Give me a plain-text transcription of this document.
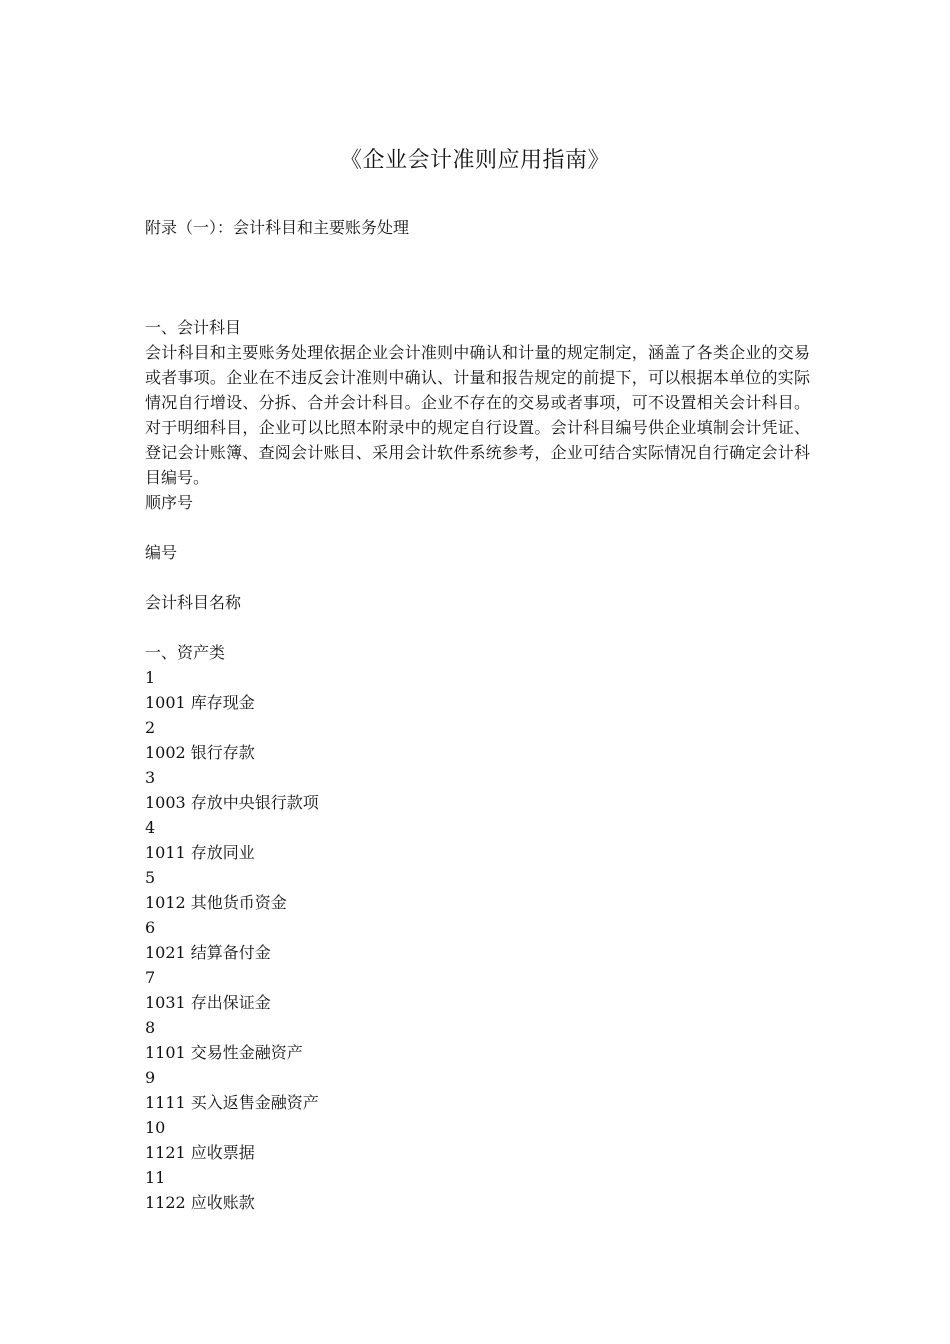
《企业会计准则应用指南》
附录（一）：会计科目和主要账务处理

一、会计科目

会计科目和主要账务处理依据企业会计准则中确认和计量的规定制定，涵盖了各类企业的交易或者事项。企业在不违反会计准则中确认、计量和报告规定的前提下，可以根据本单位的实际情况自行增设、分拆、合并会计科目。企业不存在的交易或者事项，可不设置相关会计科目。对于明细科目，企业可以比照本附录中的规定自行设置。会计科目编号供企业填制会计凭证、登记会计账簿、查阅会计账目、采用会计软件系统参考，企业可结合实际情况自行确定会计科目编号。

顺序号

编号

会计科目名称

一、资产类

1
1001 库存现金
2
1002 银行存款
3
1003 存放中央银行款项
4
1011 存放同业
5
1012 其他货币资金
6
1021 结算备付金
7
1031 存出保证金
8
1101 交易性金融资产
9
1111 买入返售金融资产
10
1121 应收票据
11
1122 应收账款
